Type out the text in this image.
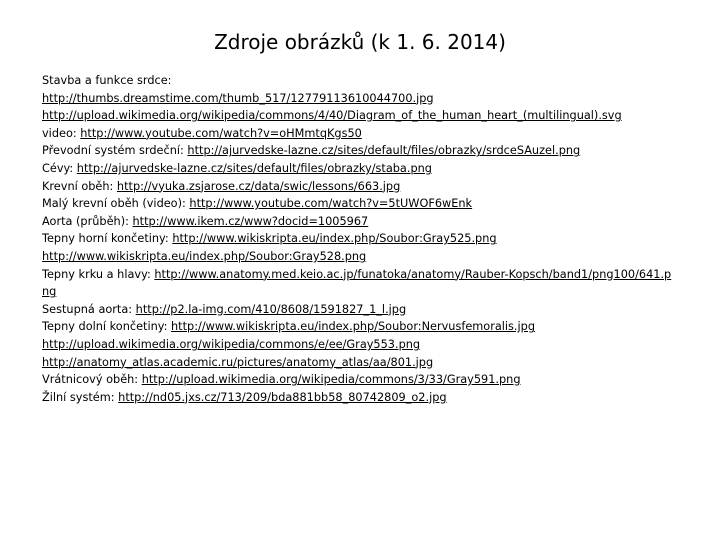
Zdroje obrázků (k 1. 6. 2014)
Stavba a funkce srdce:
http://thumbs.dreamstime.com/thumb_517/12779113610044700.jpg
http://upload.wikimedia.org/wikipedia/commons/4/40/Diagram_of_the_human_heart_(multilingual).svg
video: http://www.youtube.com/watch?v=oHMmtqKgs50
Převodní systém srdeční: http://ajurvedske-lazne.cz/sites/default/files/obrazky/srdceSAuzel.png
Cévy: http://ajurvedske-lazne.cz/sites/default/files/obrazky/staba.png
Krevní oběh: http://vyuka.zsjarose.cz/data/swic/lessons/663.jpg
Malý krevní oběh (video): http://www.youtube.com/watch?v=5tUWOF6wEnk
Aorta (průběh): http://www.ikem.cz/www?docid=1005967
Tepny horní končetiny: http://www.wikiskripta.eu/index.php/Soubor:Gray525.png
http://www.wikiskripta.eu/index.php/Soubor:Gray528.png
Tepny krku a hlavy: http://www.anatomy.med.keio.ac.jp/funatoka/anatomy/Rauber-Kopsch/band1/png100/641.png
Sestupná aorta: http://p2.la-img.com/410/8608/1591827_1_l.jpg
Tepny dolní končetiny: http://www.wikiskripta.eu/index.php/Soubor:Nervusfemoralis.jpg
http://upload.wikimedia.org/wikipedia/commons/e/ee/Gray553.png
http://anatomy_atlas.academic.ru/pictures/anatomy_atlas/aa/801.jpg
Vrátnicový oběh: http://upload.wikimedia.org/wikipedia/commons/3/33/Gray591.png
Žilní systém: http://nd05.jxs.cz/713/209/bda881bb58_80742809_o2.jpg
